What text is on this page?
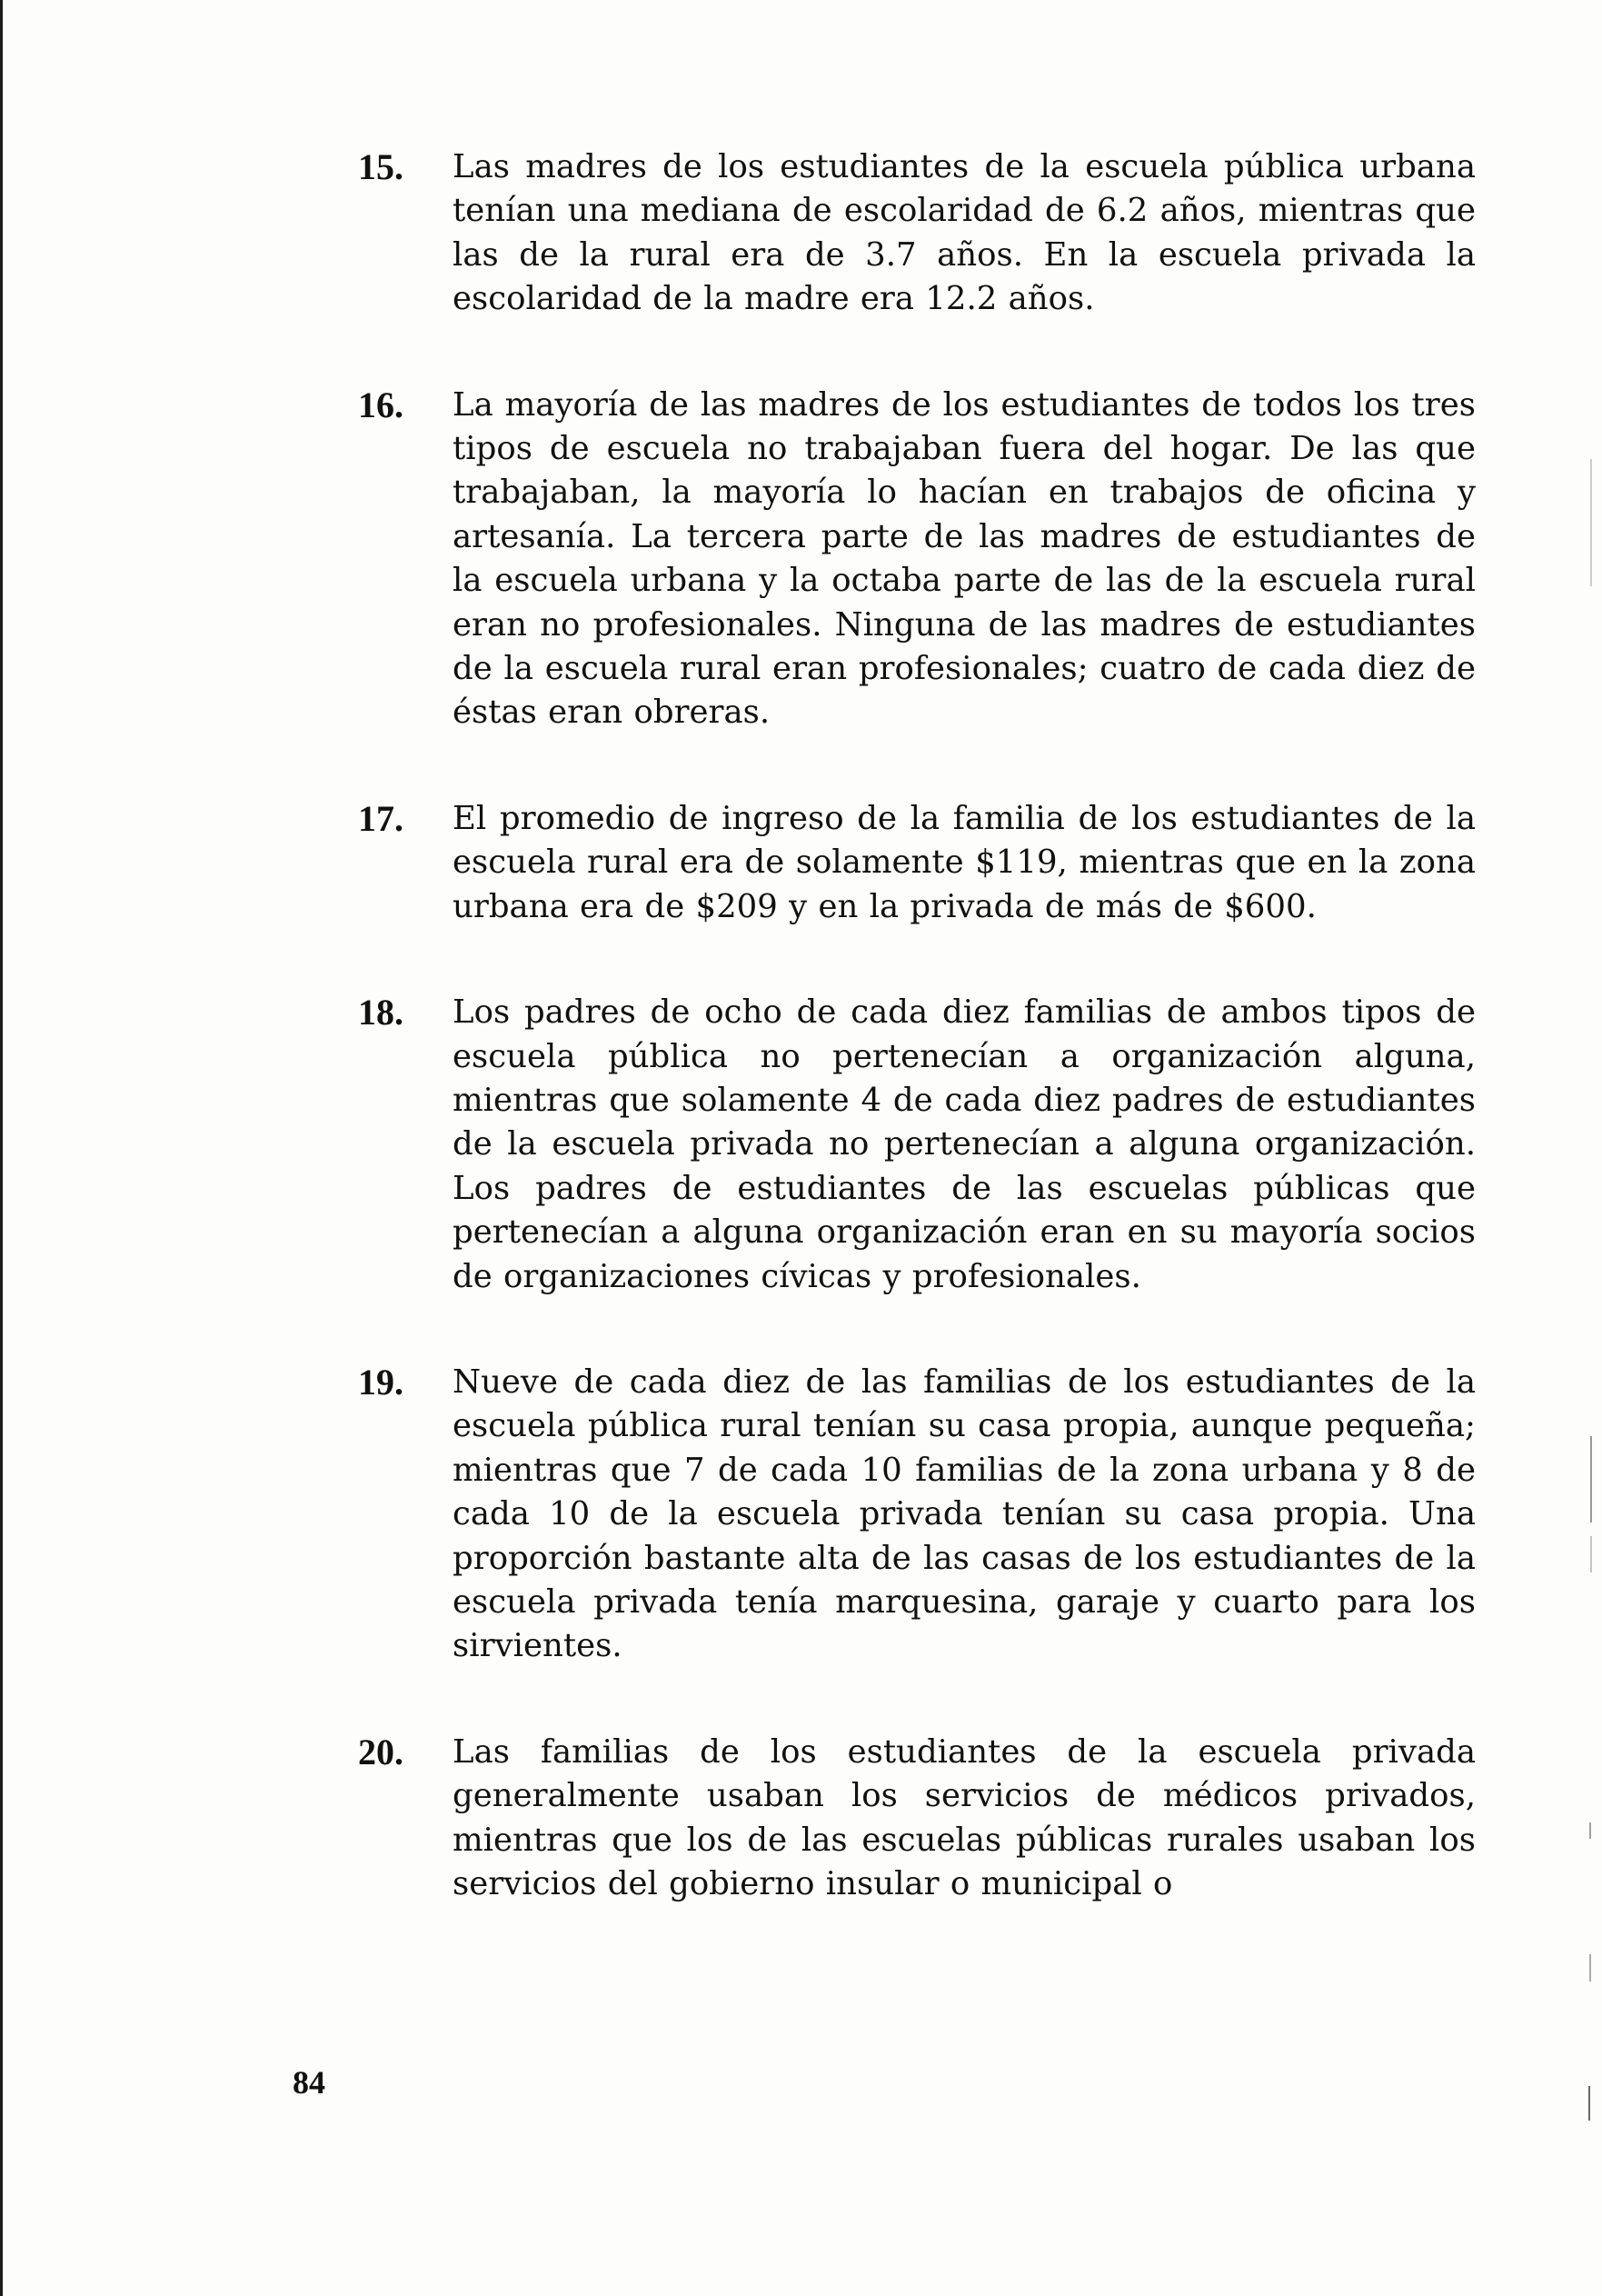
15. Las madres de los estudiantes de la escuela pública urbana tenían una mediana de escolaridad de 6.2 años, mientras que las de la rural era de 3.7 años. En la escuela privada la escolaridad de la madre era 12.2 años.
16. La mayoría de las madres de los estudiantes de todos los tres tipos de escuela no trabajaban fuera del hogar. De las que trabajaban, la mayoría lo hacían en trabajos de oficina y artesanía. La tercera parte de las madres de estudiantes de la escuela urbana y la octaba parte de las de la escuela rural eran no profesionales. Ninguna de las madres de estudiantes de la escuela rural eran profesionales; cuatro de cada diez de éstas eran obreras.
17. El promedio de ingreso de la familia de los estudiantes de la escuela rural era de solamente $119, mientras que en la zona urbana era de $209 y en la privada de más de $600.
18. Los padres de ocho de cada diez familias de ambos tipos de escuela pública no pertenecían a organización alguna, mientras que solamente 4 de cada diez padres de estudiantes de la escuela privada no pertenecían a alguna organización. Los padres de estudiantes de las escuelas públicas que pertenecían a alguna organización eran en su mayoría socios de organizaciones cívicas y profesionales.
19. Nueve de cada diez de las familias de los estudiantes de la escuela pública rural tenían su casa propia, aunque pequeña; mientras que 7 de cada 10 familias de la zona urbana y 8 de cada 10 de la escuela privada tenían su casa propia. Una proporción bastante alta de las casas de los estudiantes de la escuela privada tenía marquesina, garaje y cuarto para los sirvientes.
20. Las familias de los estudiantes de la escuela privada generalmente usaban los servicios de médicos privados, mientras que los de las escuelas públicas rurales usaban los servicios del gobierno insular o municipal o
84
